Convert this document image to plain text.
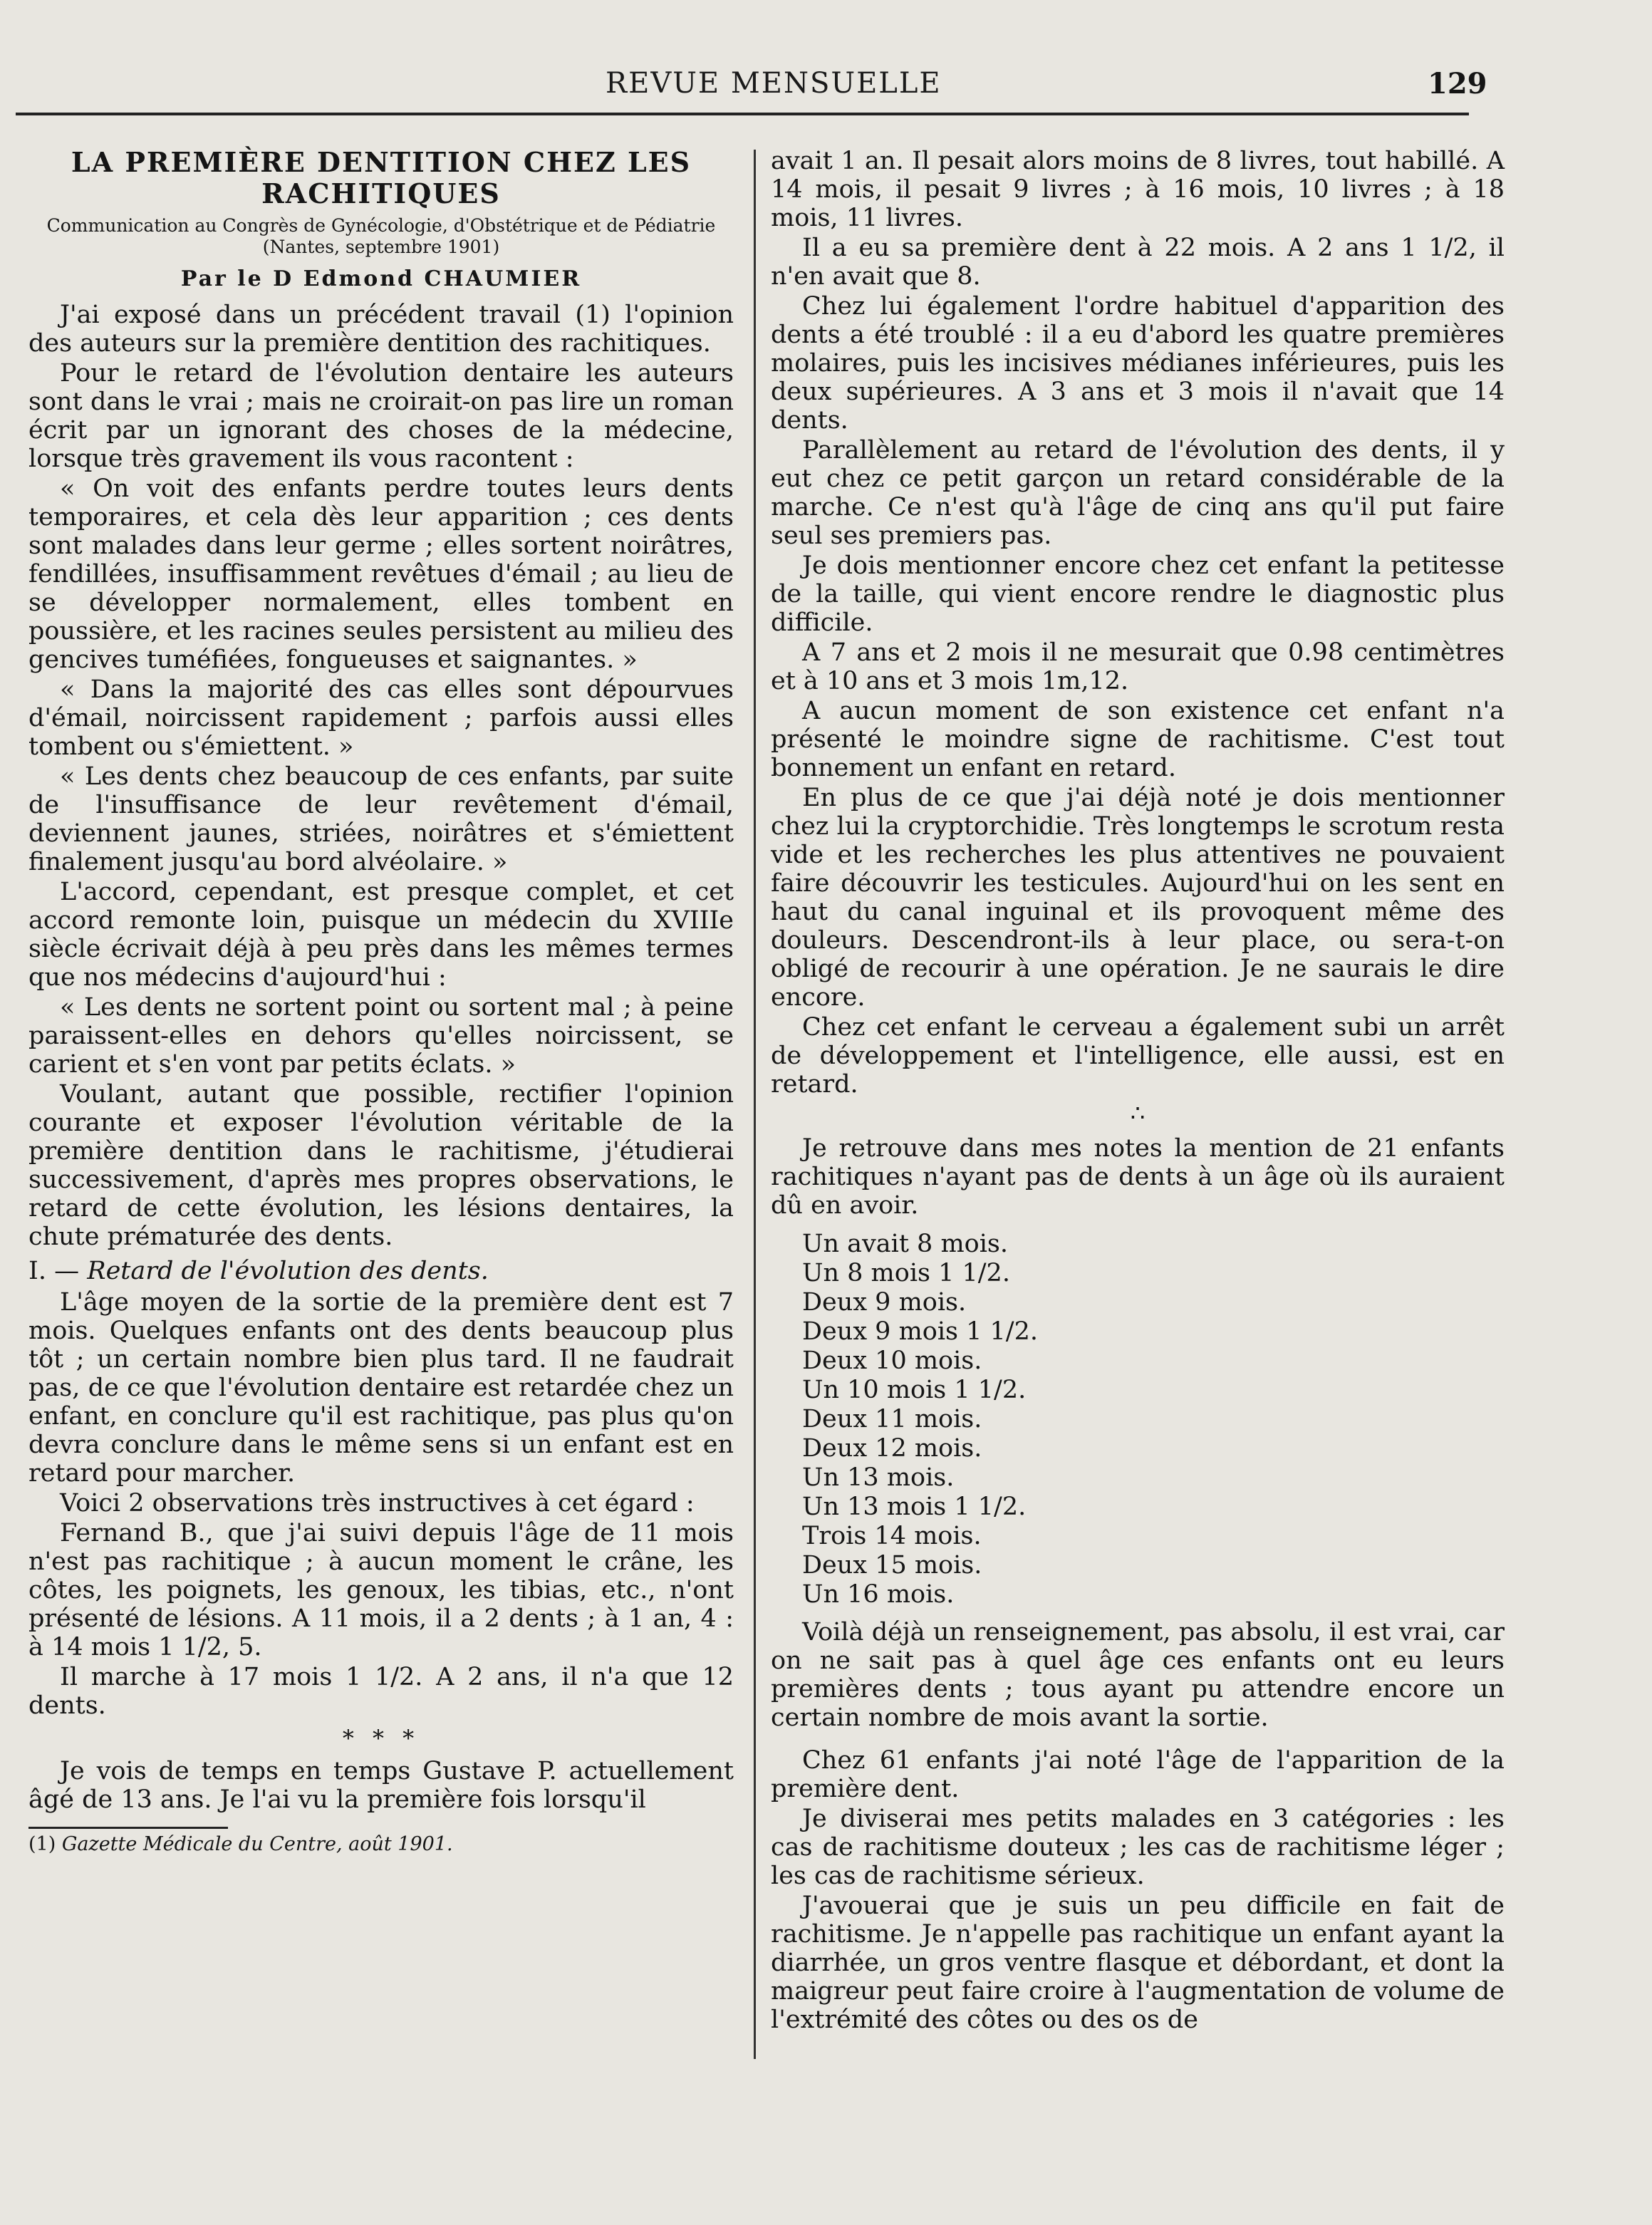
REVUE MENSUELLE	129
LA PREMIÈRE DENTITION CHEZ LES
RACHITIQUES
Communication au Congrès de Gynécologie, d'Obstétrique et de Pédiatrie
(Nantes, septembre 1901)
Par le D Edmond CHAUMIER

J'ai exposé dans un précédent travail (1) l'opinion des auteurs sur la première dentition des rachitiques.

Pour le retard de l'évolution dentaire les auteurs sont dans le vrai ; mais ne croirait-on pas lire un roman écrit par un ignorant des choses de la médecine, lorsque très gravement ils vous racontent :

« On voit des enfants perdre toutes leurs dents temporaires, et cela dès leur apparition ; ces dents sont malades dans leur germe ; elles sortent noirâtres, fendillées, insuffisamment revêtues d'émail ; au lieu de se développer normalement, elles tombent en poussière, et les racines seules persistent au milieu des gencives tuméfiées, fongueuses et saignantes. »

« Dans la majorité des cas elles sont dépourvues d'émail, noircissent rapidement ; parfois aussi elles tombent ou s'émiettent. »

« Les dents chez beaucoup de ces enfants, par suite de l'insuffisance de leur revêtement d'émail, deviennent jaunes, striées, noirâtres et s'émiettent finalement jusqu'au bord alvéolaire. »

L'accord, cependant, est presque complet, et cet accord remonte loin, puisque un médecin du XVIIIe siècle écrivait déjà à peu près dans les mêmes termes que nos médecins d'aujourd'hui :

« Les dents ne sortent point ou sortent mal ; à peine paraissent-elles en dehors qu'elles noircissent, se carient et s'en vont par petits éclats. »

Voulant, autant que possible, rectifier l'opinion courante et exposer l'évolution véritable de la première dentition dans le rachitisme, j'étudierai successivement, d'après mes propres observations, le retard de cette évolution, les lésions dentaires, la chute prématurée des dents.

I. — Retard de l'évolution des dents.

L'âge moyen de la sortie de la première dent est 7 mois. Quelques enfants ont des dents beaucoup plus tôt ; un certain nombre bien plus tard. Il ne faudrait pas, de ce que l'évolution dentaire est retardée chez un enfant, en conclure qu'il est rachitique, pas plus qu'on devra conclure dans le même sens si un enfant est en retard pour marcher.

Voici 2 observations très instructives à cet égard :

Fernand B., que j'ai suivi depuis l'âge de 11 mois n'est pas rachitique ; à aucun moment le crâne, les côtes, les poignets, les genoux, les tibias, etc., n'ont présenté de lésions. A 11 mois, il a 2 dents ; à 1 an, 4 : à 14 mois 1 1/2, 5.

Il marche à 17 mois 1 1/2. A 2 ans, il n'a que 12 dents.

* * *

Je vois de temps en temps Gustave P. actuellement âgé de 13 ans. Je l'ai vu la première fois lorsqu'il

(1) Gazette Médicale du Centre, août 1901.

avait 1 an. Il pesait alors moins de 8 livres, tout habillé. A 14 mois, il pesait 9 livres ; à 16 mois, 10 livres ; à 18 mois, 11 livres.

Il a eu sa première dent à 22 mois. A 2 ans 1 1/2, il n'en avait que 8.

Chez lui également l'ordre habituel d'apparition des dents a été troublé : il a eu d'abord les quatre premières molaires, puis les incisives médianes inférieures, puis les deux supérieures. A 3 ans et 3 mois il n'avait que 14 dents.

Parallèlement au retard de l'évolution des dents, il y eut chez ce petit garçon un retard considérable de la marche. Ce n'est qu'à l'âge de cinq ans qu'il put faire seul ses premiers pas.

Je dois mentionner encore chez cet enfant la petitesse de la taille, qui vient encore rendre le diagnostic plus difficile.

A 7 ans et 2 mois il ne mesurait que 0.98 centimètres et à 10 ans et 3 mois 1m,12.

A aucun moment de son existence cet enfant n'a présenté le moindre signe de rachitisme. C'est tout bonnement un enfant en retard.

En plus de ce que j'ai déjà noté je dois mentionner chez lui la cryptorchidie. Très longtemps le scrotum resta vide et les recherches les plus attentives ne pouvaient faire découvrir les testicules. Aujourd'hui on les sent en haut du canal inguinal et ils provoquent même des douleurs. Descendront-ils à leur place, ou sera-t-on obligé de recourir à une opération. Je ne saurais le dire encore.

Chez cet enfant le cerveau a également subi un arrêt de développement et l'intelligence, elle aussi, est en retard.

∴

Je retrouve dans mes notes la mention de 21 enfants rachitiques n'ayant pas de dents à un âge où ils auraient dû en avoir.

Un avait 8 mois.
Un 8 mois 1 1/2.
Deux 9 mois.
Deux 9 mois 1 1/2.
Deux 10 mois.
Un 10 mois 1 1/2.
Deux 11 mois.
Deux 12 mois.
Un 13 mois.
Un 13 mois 1 1/2.
Trois 14 mois.
Deux 15 mois.
Un 16 mois.

Voilà déjà un renseignement, pas absolu, il est vrai, car on ne sait pas à quel âge ces enfants ont eu leurs premières dents ; tous ayant pu attendre encore un certain nombre de mois avant la sortie.

Chez 61 enfants j'ai noté l'âge de l'apparition de la première dent.

Je diviserai mes petits malades en 3 catégories : les cas de rachitisme douteux ; les cas de rachitisme léger ; les cas de rachitisme sérieux.

J'avouerai que je suis un peu difficile en fait de rachitisme. Je n'appelle pas rachitique un enfant ayant la diarrhée, un gros ventre flasque et débordant, et dont la maigreur peut faire croire à l'augmentation de volume de l'extrémité des côtes ou des os de
